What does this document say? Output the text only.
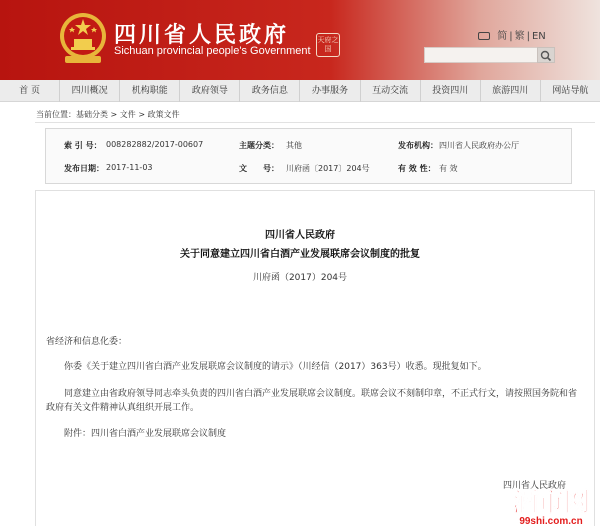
四川省人民政府
Sichuan provincial people's Government
天府之国
简 | 繁 | EN
首 页	四川概况	机构职能	政府领导	政务信息	办事服务	互动交流	投资四川	旅游四川	网站导航
当前位置：基础分类 > 文件 > 政策文件
索 引 号： 008282882/2017-00607	主题分类： 其他	发布机构： 四川省人民政府办公厅
发布日期： 2017-11-03	文　　号： 川府函〔2017〕204号	有 效 性： 有 效
四川省人民政府
关于同意建立四川省白酒产业发展联席会议制度的批复
川府函（2017）204号
省经济和信息化委：
你委《关于建立四川省白酒产业发展联席会议制度的请示》（川经信（2017）363号）收悉。现批复如下。
同意建立由省政府领导同志牵头负责的四川省白酒产业发展联席会议制度。联席会议不刻制印章，不正式行文，请按照国务院和省
政府有关文件精神认真组织开展工作。
附件：四川省白酒产业发展联席会议制度
四川省人民政府
酒市网
99shi.com.cn
